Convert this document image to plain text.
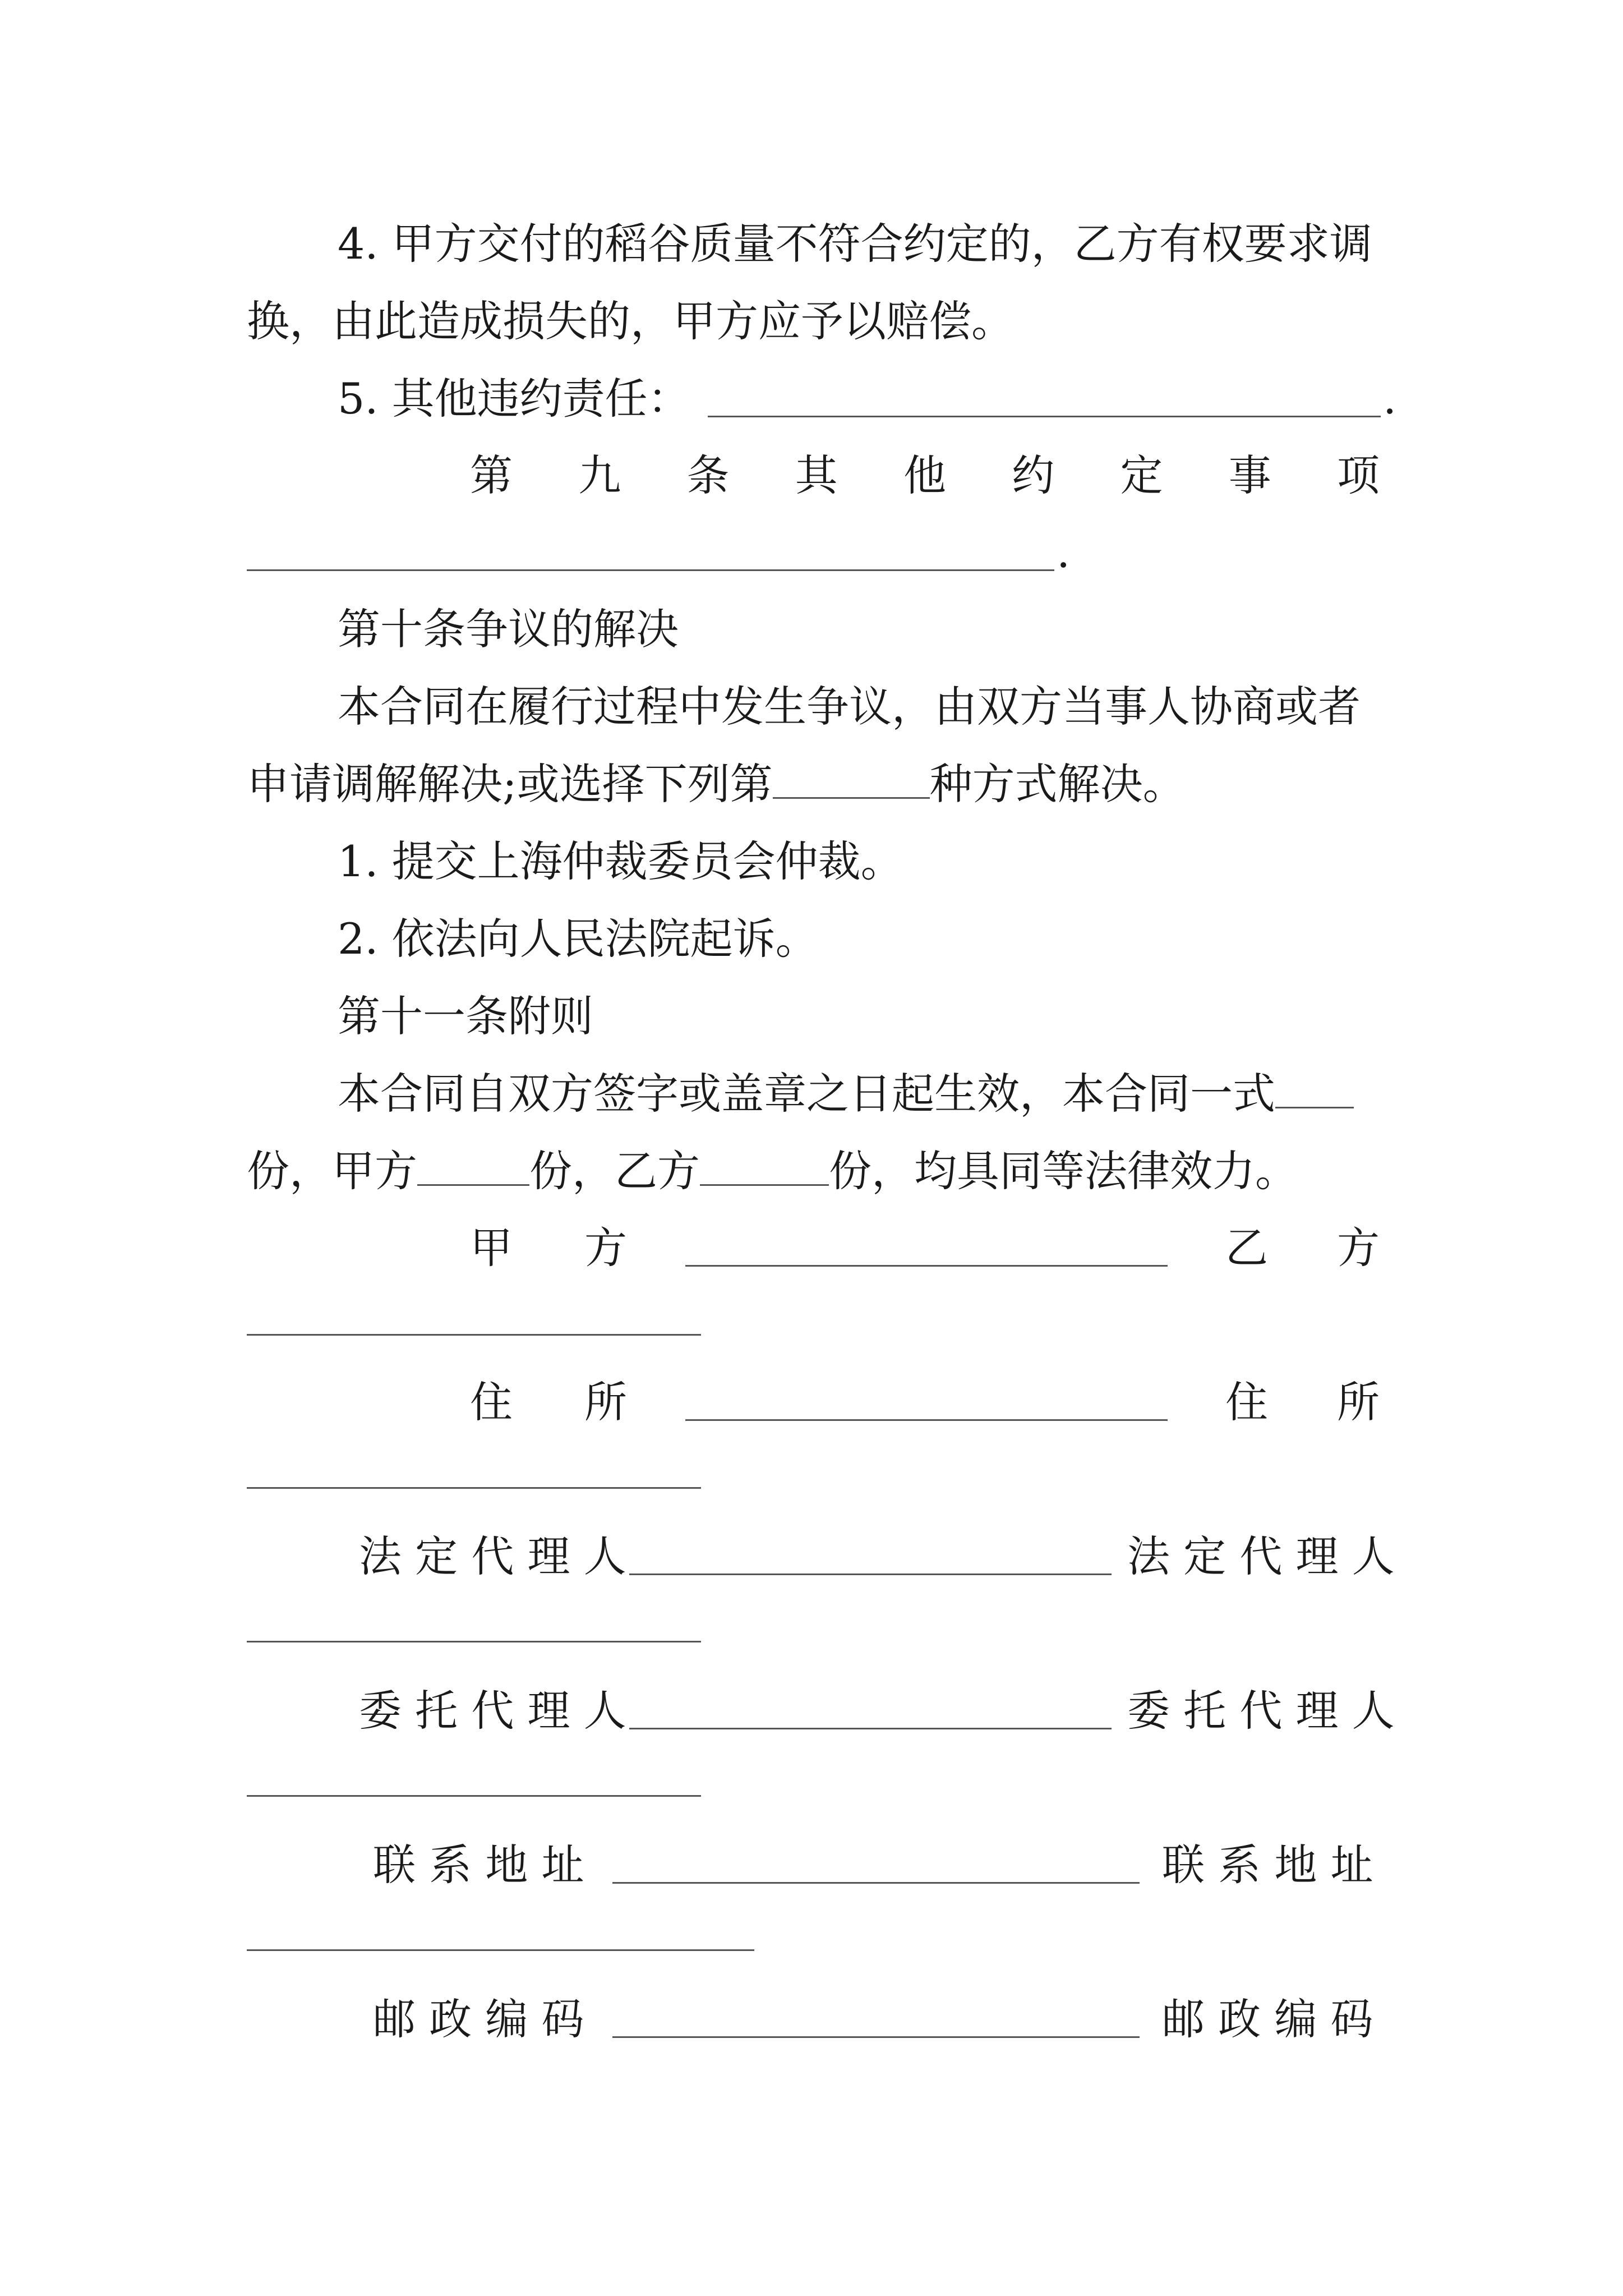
4. 甲方交付的稻谷质量不符合约定的，乙方有权要求调
换，由此造成损失的，甲方应予以赔偿。
5. 其他违约责任：	.
第 九 条 其 他 约 定 事 项
.
第十条争议的解决
本合同在履行过程中发生争议，由双方当事人协商或者
申请调解解决;或选择下列第	种方式解决。
1. 提交上海仲裁委员会仲裁。
2. 依法向人民法院起诉。
第十一条附则
本合同自双方签字或盖章之日起生效，本合同一式
份，甲方	份，乙方	份，均具同等法律效力。
甲 方	乙 方
住 所	住 所
法 定 代 理 人	法 定 代 理 人
委 托 代 理 人	委 托 代 理 人
联 系 地 址	联 系 地 址
邮 政 编 码	邮 政 编 码
